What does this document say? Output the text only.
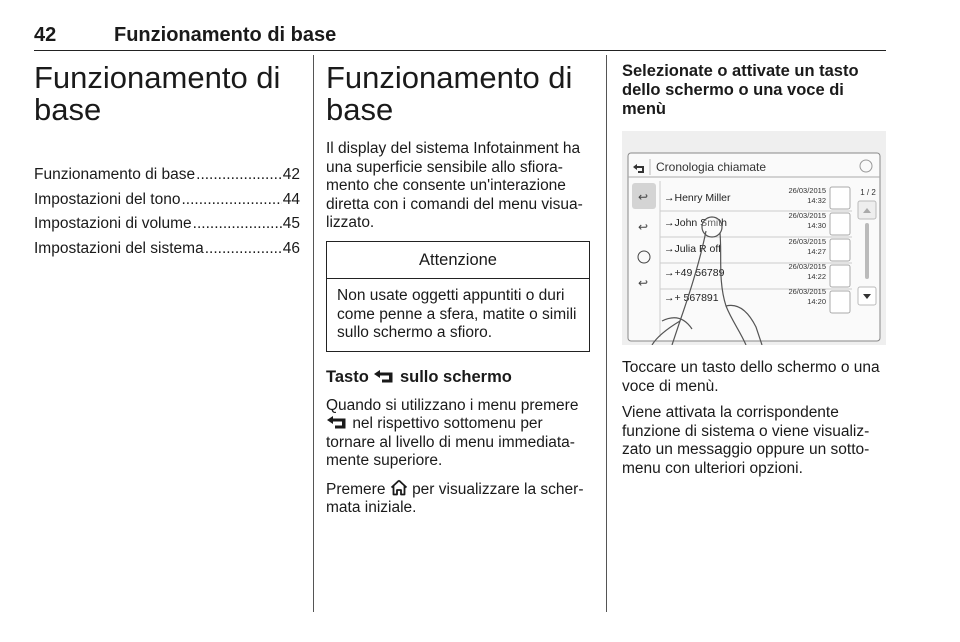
42	Funzionamento di base
Funzionamento di base
Funzionamento di base .....	42
Impostazioni del tono .....	44
Impostazioni di volume .....	45
Impostazioni del sistema .....	46
Funzionamento di base

Il display del sistema Infotainment ha una superficie sensibile allo sfiora-mento che consente un'interazione diretta con i comandi del menu visua-lizzato.

Attenzione
Non usate oggetti appuntiti o duri come penne a sfera, matite o simili sullo schermo a sfioro.
Tasto sullo schermo

Quando si utilizzano i menu premere  nel rispettivo sottomenu per tornare al livello di menu immediata-mente superiore.

Premere per visualizzare la scher-mata iniziale.

Selezionate o attivate un tasto dello schermo o una voce di menù
Cronologia chiamate
↩
↩
↩
→Henry Miller
26/03/2015
14:32
→John Smith
26/03/2015
14:30
→Julia R off
26/03/2015
14:27
→+49 56789
26/03/2015
14:22
→+ 567891
26/03/2015
14:20
1 / 2

Toccare un tasto dello schermo o una voce di menù.

Viene attivata la corrispondente funzione di sistema o viene visualiz-zato un messaggio oppure un sotto-menu con ulteriori opzioni.
